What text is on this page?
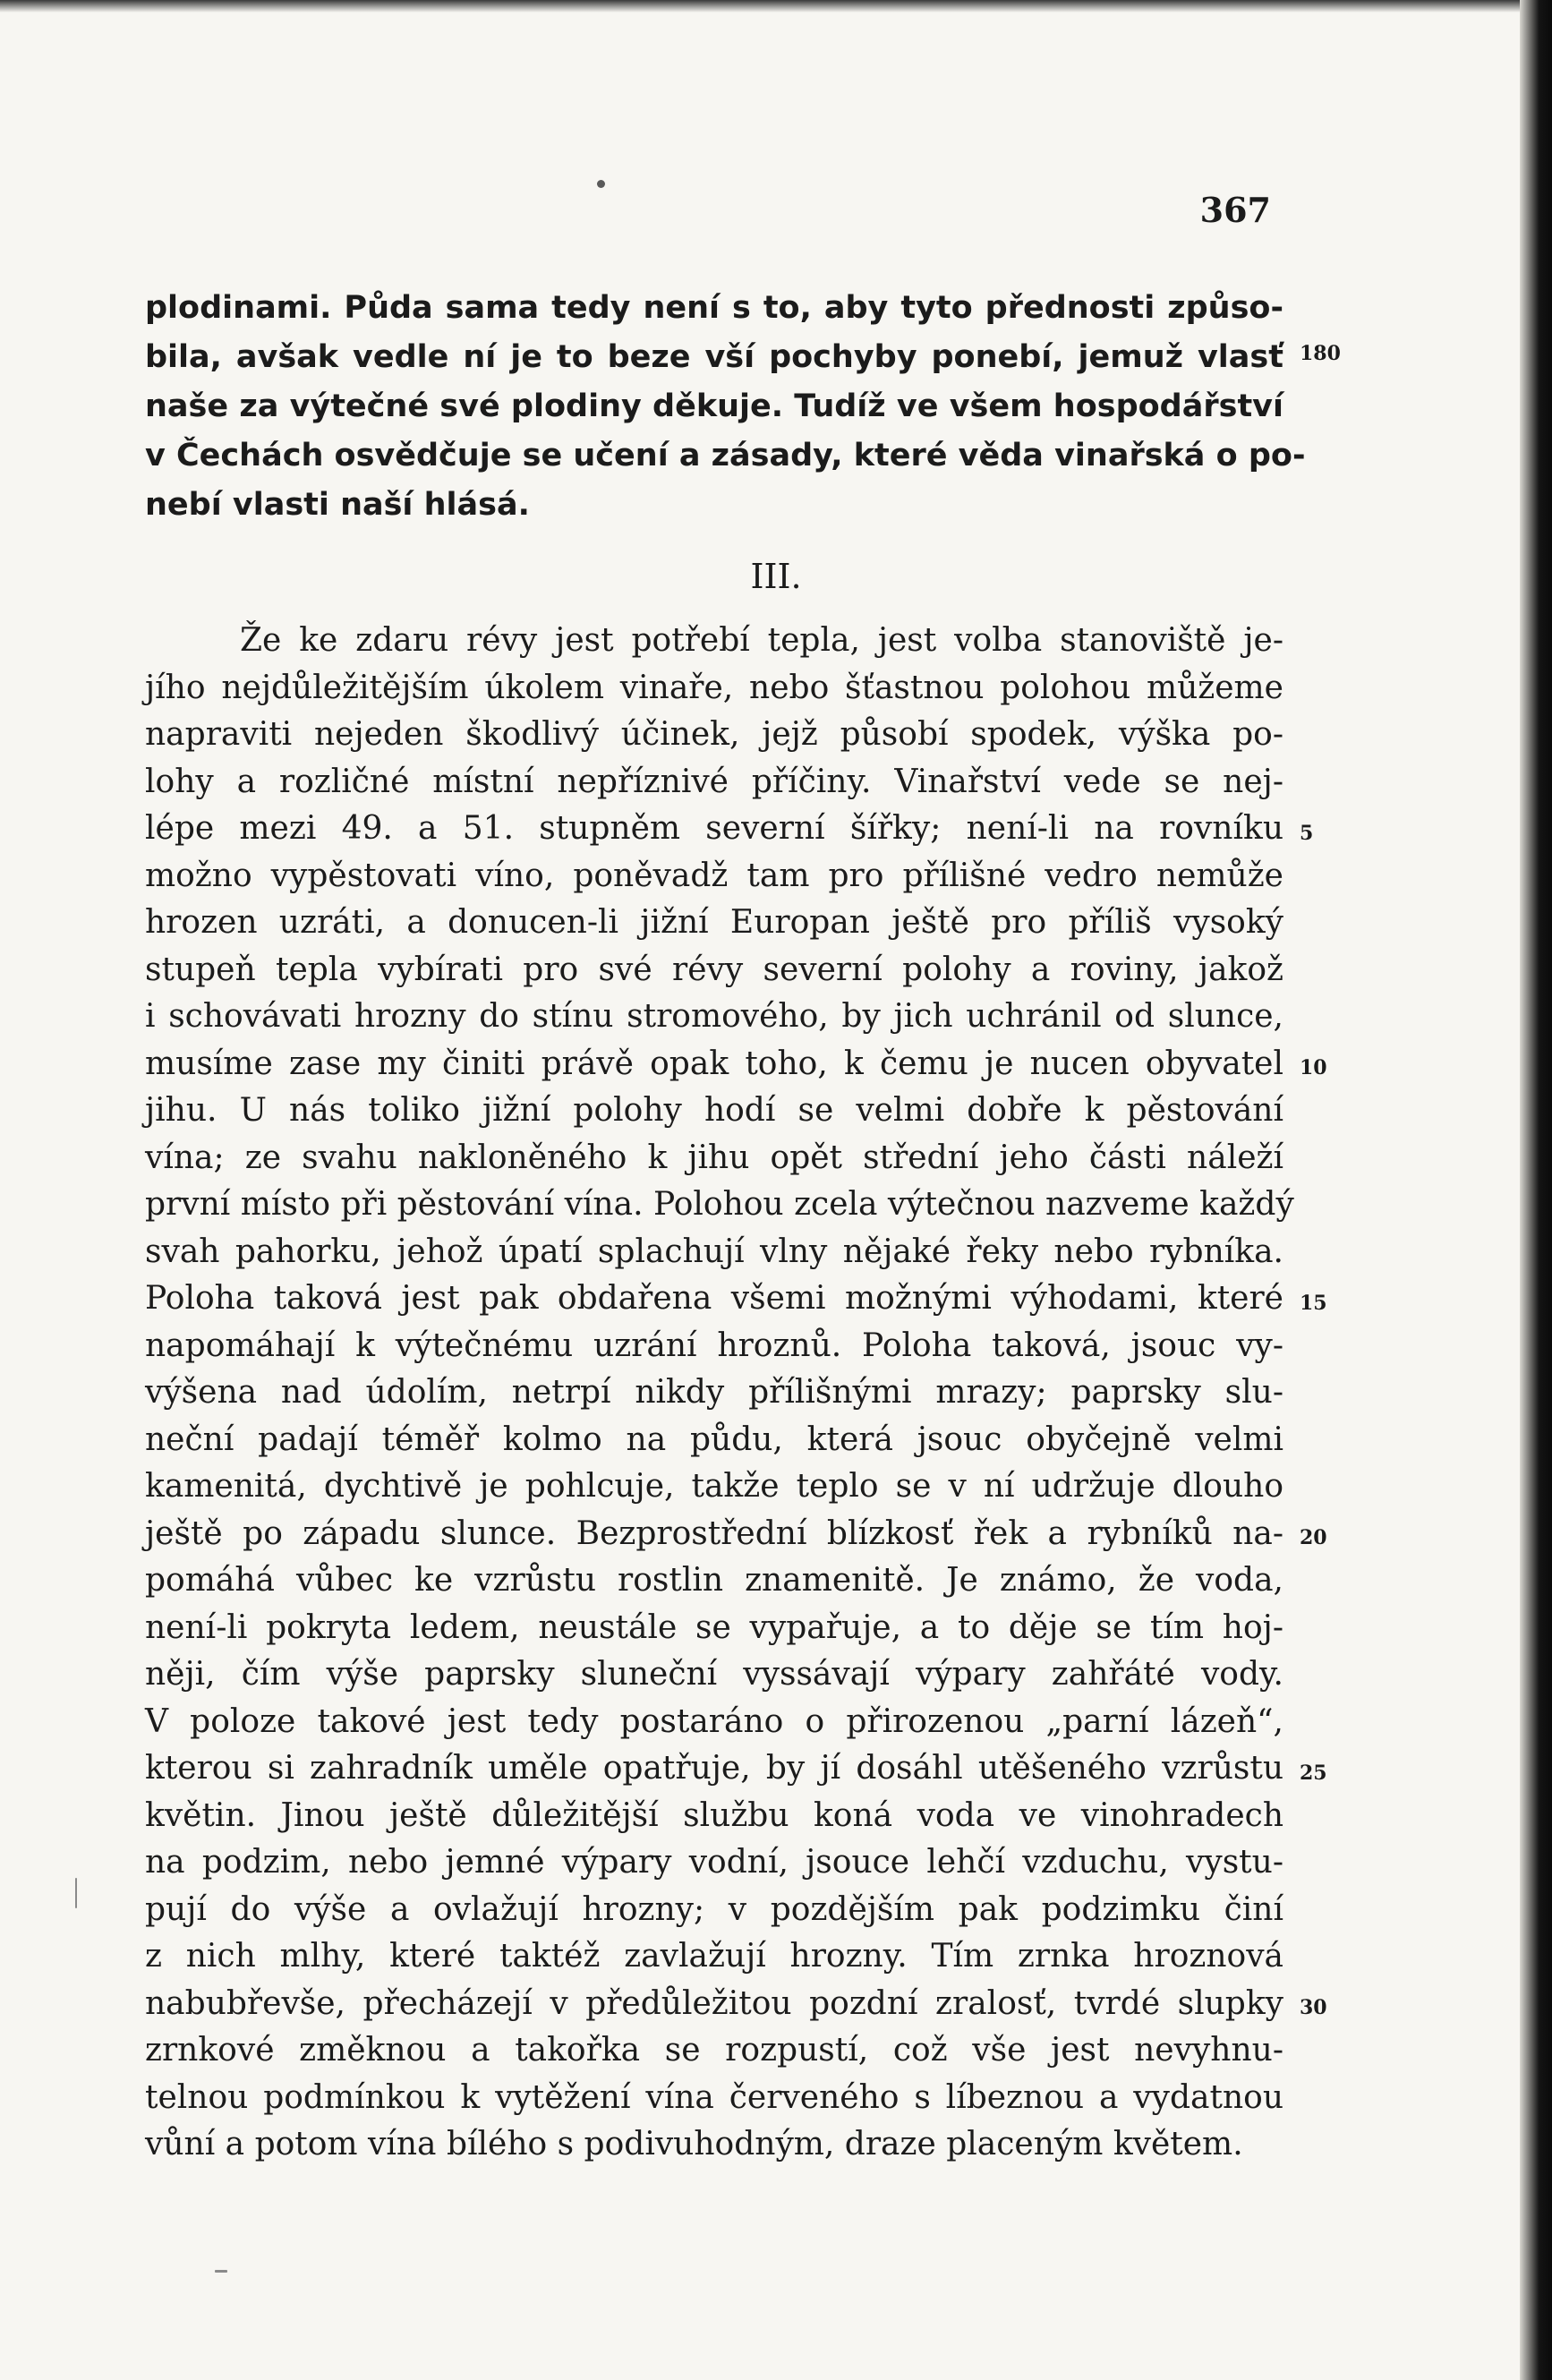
367
plodinami. Půda sama tedy není s to, aby tyto přednosti způso-
bila, avšak vedle ní je to beze vší pochyby ponebí, jemuž vlasť
naše za výtečné své plodiny děkuje. Tudíž ve všem hospodářství
v Čechách osvědčuje se učení a zásady, které věda vinařská o po-
nebí vlasti naší hlásá.
180
III.
Že ke zdaru révy jest potřebí tepla, jest volba stanoviště je-
jího nejdůležitějším úkolem vinaře, nebo šťastnou polohou můžeme
napraviti nejeden škodlivý účinek, jejž působí spodek, výška po-
lohy a rozličné místní nepříznivé příčiny. Vinařství vede se nej-
lépe mezi 49. a 51. stupněm severní šířky; není-li na rovníku
možno vypěstovati víno, poněvadž tam pro přílišné vedro nemůže
hrozen uzráti, a donucen-li jižní Europan ještě pro příliš vysoký
stupeň tepla vybírati pro své révy severní polohy a roviny, jakož
i schovávati hrozny do stínu stromového, by jich uchránil od slunce,
musíme zase my činiti právě opak toho, k čemu je nucen obyvatel
jihu. U nás toliko jižní polohy hodí se velmi dobře k pěstování
vína; ze svahu nakloněného k jihu opět střední jeho části náleží
první místo při pěstování vína. Polohou zcela výtečnou nazveme každý
svah pahorku, jehož úpatí splachují vlny nějaké řeky nebo rybníka.
Poloha taková jest pak obdařena všemi možnými výhodami, které
napomáhají k výtečnému uzrání hroznů. Poloha taková, jsouc vy-
výšena nad údolím, netrpí nikdy přílišnými mrazy; paprsky slu-
neční padají téměř kolmo na půdu, která jsouc obyčejně velmi
kamenitá, dychtivě je pohlcuje, takže teplo se v ní udržuje dlouho
ještě po západu slunce. Bezprostřední blízkosť řek a rybníků na-
pomáhá vůbec ke vzrůstu rostlin znamenitě. Je známo, že voda,
není-li pokryta ledem, neustále se vypařuje, a to děje se tím hoj-
něji, čím výše paprsky sluneční vyssávají výpary zahřáté vody.
V poloze takové jest tedy postaráno o přirozenou „parní lázeň“,
kterou si zahradník uměle opatřuje, by jí dosáhl utěšeného vzrůstu
květin. Jinou ještě důležitější službu koná voda ve vinohradech
na podzim, nebo jemné výpary vodní, jsouce lehčí vzduchu, vystu-
pují do výše a ovlažují hrozny; v pozdějším pak podzimku činí
z nich mlhy, které taktéž zavlažují hrozny. Tím zrnka hroznová
nabubřevše, přecházejí v předůležitou pozdní zralosť, tvrdé slupky
zrnkové změknou a takořka se rozpustí, což vše jest nevyhnu-
telnou podmínkou k vytěžení vína červeného s líbeznou a vydatnou
vůní a potom vína bílého s podivuhodným, draze placeným květem.
5
10
15
20
25
30
